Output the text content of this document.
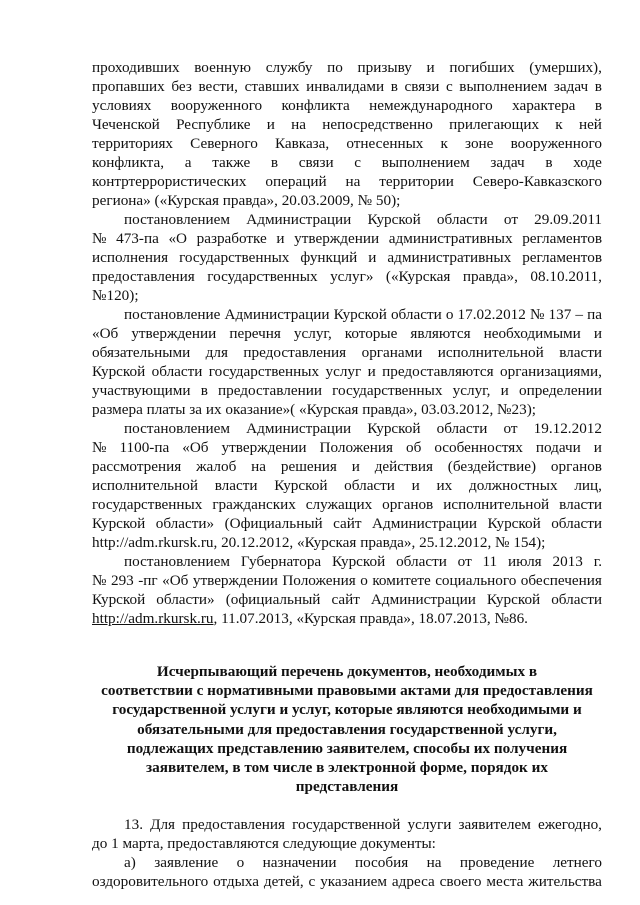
проходивших военную службу по призыву и погибших (умерших),
пропавших без вести, ставших инвалидами в связи с выполнением задач в
условиях вооруженного конфликта немеждународного характера в
Чеченской Республике и на непосредственно прилегающих к ней
территориях Северного Кавказа, отнесенных к зоне вооруженного
конфликта, а также в связи с выполнением задач в ходе
контртеррористических операций на территории Северо-Кавказского
региона» («Курская правда», 20.03.2009, № 50);
постановлением Администрации Курской области от 29.09.2011
№ 473-па «О разработке и утверждении административных регламентов
исполнения государственных функций и административных регламентов
предоставления государственных услуг» («Курская правда», 08.10.2011,
№120);
постановление Администрации Курской области о 17.02.2012 № 137 – па
«Об утверждении перечня услуг, которые являются необходимыми и
обязательными для предоставления органами исполнительной власти
Курской области государственных услуг и предоставляются организациями,
участвующими в предоставлении государственных услуг, и определении
размера платы за их оказание»( «Курская правда», 03.03.2012, №23);
постановлением Администрации Курской области от 19.12.2012
№ 1100-па «Об утверждении Положения об особенностях подачи и
рассмотрения жалоб на решения и действия (бездействие) органов
исполнительной власти Курской области и их должностных лиц,
государственных гражданских служащих органов исполнительной власти
Курской области» (Официальный сайт Администрации Курской области
http://adm.rkursk.ru, 20.12.2012, «Курская правда», 25.12.2012, № 154);
постановлением Губернатора Курской области от 11 июля 2013 г.
№ 293 -пг «Об утверждении Положения о комитете социального обеспечения
Курской области» (официальный сайт Администрации Курской области
http://adm.rkursk.ru, 11.07.2013, «Курская правда», 18.07.2013, №86.
Исчерпывающий перечень документов, необходимых в
соответствии с нормативными правовыми актами для предоставления
государственной услуги и услуг, которые являются необходимыми и
обязательными для предоставления государственной услуги,
подлежащих представлению заявителем, способы их получения
заявителем, в том числе в электронной форме, порядок их
представления
13. Для предоставления государственной услуги заявителем ежегодно,
до 1 марта, предоставляются следующие документы:
а) заявление о назначении пособия на проведение летнего
оздоровительного отдыха детей, с указанием адреса своего места жительства
